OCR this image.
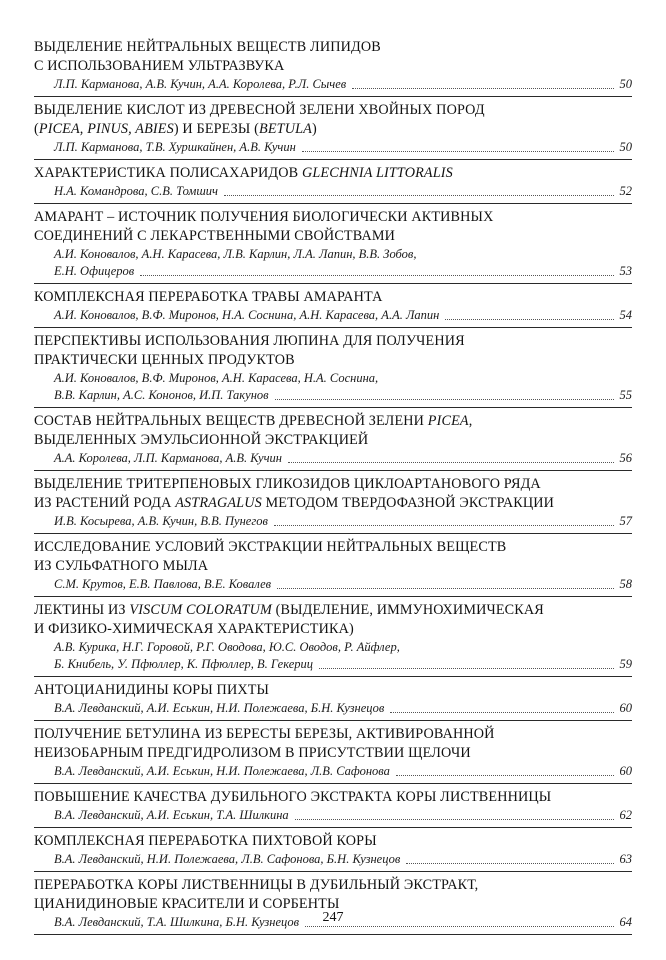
ВЫДЕЛЕНИЕ НЕЙТРАЛЬНЫХ ВЕЩЕСТВ ЛИПИДОВ
С ИСПОЛЬЗОВАНИЕМ УЛЬТРАЗВУКА
Л.П. Карманова, А.В. Кучин, А.А. Королева, Р.Л. Сычев	50
ВЫДЕЛЕНИЕ КИСЛОТ ИЗ ДРЕВЕСНОЙ ЗЕЛЕНИ ХВОЙНЫХ ПОРОД
(PICEA, PINUS, ABIES) И БЕРЕЗЫ (BETULA)
Л.П. Карманова, Т.В. Хуршкайнен, А.В. Кучин	50
ХАРАКТЕРИСТИКА ПОЛИСАХАРИДОВ GLECHNIA LITTORALIS
Н.А. Командрова, С.В. Томшич	52
АМАРАНТ – ИСТОЧНИК ПОЛУЧЕНИЯ БИОЛОГИЧЕСКИ АКТИВНЫХ
СОЕДИНЕНИЙ С ЛЕКАРСТВЕННЫМИ СВОЙСТВАМИ
А.И. Коновалов, А.Н. Карасева, Л.В. Карлин, Л.А. Лапин, В.В. Зобов,
Е.Н. Офицеров	53
КОМПЛЕКСНАЯ ПЕРЕРАБОТКА ТРАВЫ АМАРАНТА
А.И. Коновалов, В.Ф. Миронов, Н.А. Соснина, А.Н. Карасева, А.А. Лапин	54
ПЕРСПЕКТИВЫ ИСПОЛЬЗОВАНИЯ ЛЮПИНА ДЛЯ ПОЛУЧЕНИЯ
ПРАКТИЧЕСКИ ЦЕННЫХ ПРОДУКТОВ
А.И. Коновалов, В.Ф. Миронов, А.Н. Карасева, Н.А. Соснина,
В.В. Карлин, А.С. Кононов, И.П. Такунов	55
СОСТАВ НЕЙТРАЛЬНЫХ ВЕЩЕСТВ ДРЕВЕСНОЙ ЗЕЛЕНИ PICEA,
ВЫДЕЛЕННЫХ ЭМУЛЬСИОННОЙ ЭКСТРАКЦИЕЙ
А.А. Королева, Л.П. Карманова, А.В. Кучин	56
ВЫДЕЛЕНИЕ ТРИТЕРПЕНОВЫХ ГЛИКОЗИДОВ ЦИКЛОАРТАНОВОГО РЯДА
ИЗ РАСТЕНИЙ РОДА ASTRAGALUS МЕТОДОМ ТВЕРДОФАЗНОЙ ЭКСТРАКЦИИ
И.В. Косырева, А.В. Кучин, В.В. Пунегов	57
ИССЛЕДОВАНИЕ УСЛОВИЙ ЭКСТРАКЦИИ НЕЙТРАЛЬНЫХ ВЕЩЕСТВ
ИЗ СУЛЬФАТНОГО МЫЛА
С.М. Крутов, Е.В. Павлова, В.Е. Ковалев	58
ЛЕКТИНЫ ИЗ VISCUM COLORATUM (ВЫДЕЛЕНИЕ, ИММУНОХИМИЧЕСКАЯ
И ФИЗИКО-ХИМИЧЕСКАЯ ХАРАКТЕРИСТИКА)
А.В. Курика, Н.Г. Горовой, Р.Г. Оводова, Ю.С. Оводов, Р. Айфлер,
Б. Книбель, У. Пфюллер, К. Пфюллер, В. Гекериц	59
АНТОЦИАНИДИНЫ КОРЫ ПИХТЫ
В.А. Левданский, А.И. Еськин, Н.И. Полежаева, Б.Н. Кузнецов	60
ПОЛУЧЕНИЕ БЕТУЛИНА ИЗ БЕРЕСТЫ БЕРЕЗЫ, АКТИВИРОВАННОЙ
НЕИЗОБАРНЫМ ПРЕДГИДРОЛИЗОМ В ПРИСУТСТВИИ ЩЕЛОЧИ
В.А. Левданский, А.И. Еськин, Н.И. Полежаева, Л.В. Сафонова	60
ПОВЫШЕНИЕ КАЧЕСТВА ДУБИЛЬНОГО ЭКСТРАКТА КОРЫ ЛИСТВЕННИЦЫ
В.А. Левданский, А.И. Еськин, Т.А. Шилкина	62
КОМПЛЕКСНАЯ ПЕРЕРАБОТКА ПИХТОВОЙ КОРЫ
В.А. Левданский, Н.И. Полежаева, Л.В. Сафонова, Б.Н. Кузнецов	63
ПЕРЕРАБОТКА КОРЫ ЛИСТВЕННИЦЫ В ДУБИЛЬНЫЙ ЭКСТРАКТ,
ЦИАНИДИНОВЫЕ КРАСИТЕЛИ И СОРБЕНТЫ
В.А. Левданский, Т.А. Шилкина, Б.Н. Кузнецов	64
247
